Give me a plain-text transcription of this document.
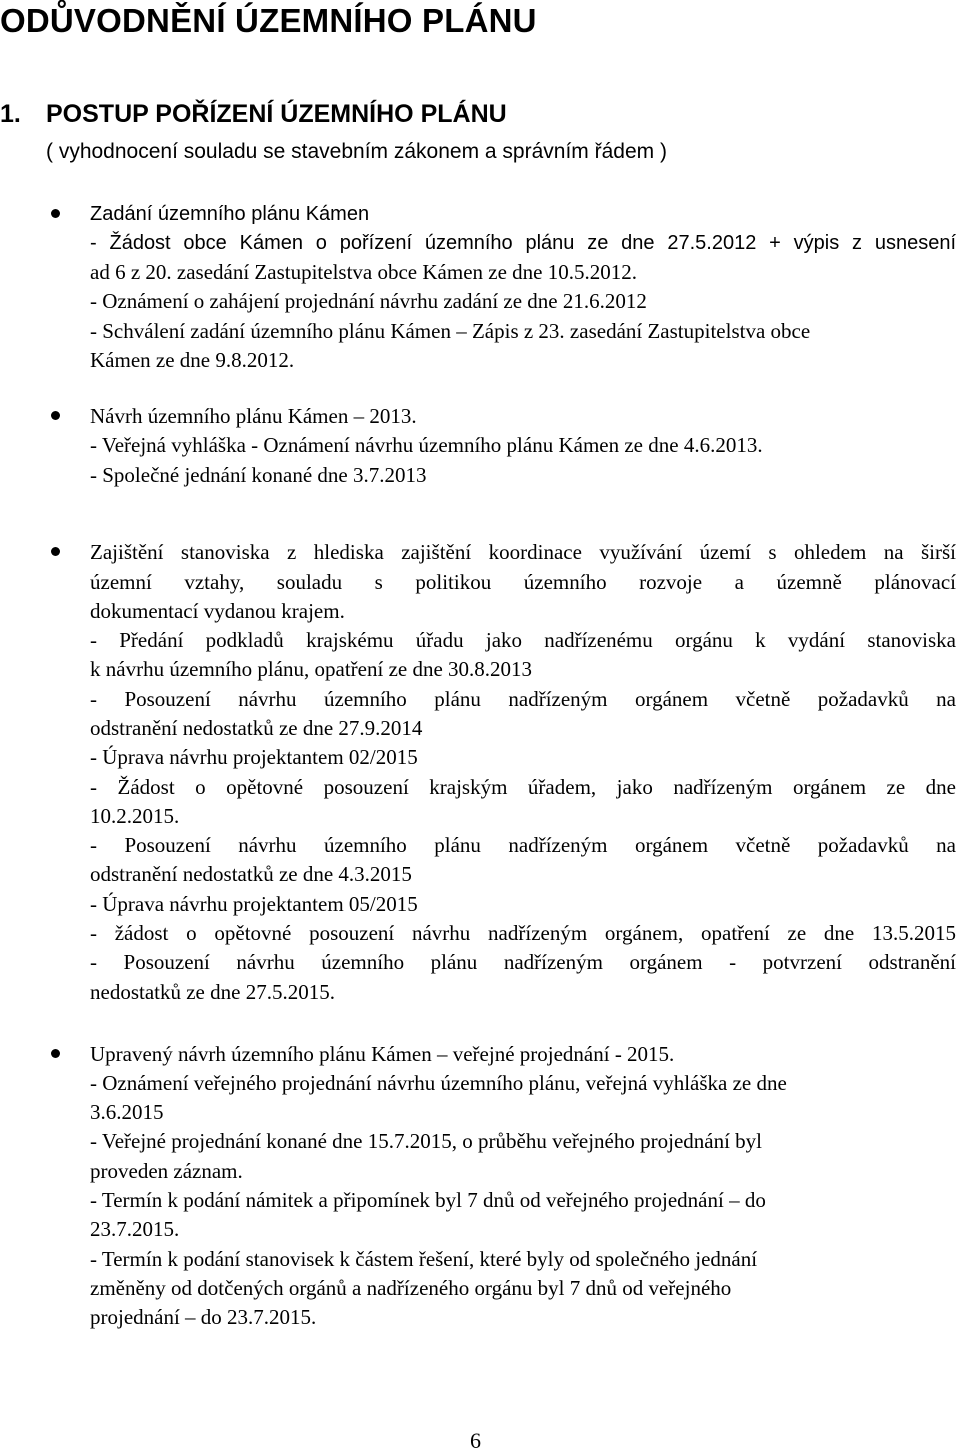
ODŮVODNĚNÍ ÚZEMNÍHO PLÁNU
1. POSTUP POŘÍZENÍ ÚZEMNÍHO PLÁNU

( vyhodnocení souladu se stavebním zákonem a správním řádem )

Zadání územního plánu Kámen
- Žádost obce Kámen o pořízení územního plánu ze dne 27.5.2012 + výpis z usnesení
ad 6 z 20. zasedání Zastupitelstva obce Kámen ze dne 10.5.2012.
- Oznámení o zahájení projednání návrhu zadání ze dne 21.6.2012
- Schválení zadání územního plánu Kámen – Zápis z 23. zasedání Zastupitelstva obce
Kámen ze dne 9.8.2012.
Návrh územního plánu Kámen – 2013.
- Veřejná vyhláška - Oznámení návrhu územního plánu Kámen ze dne 4.6.2013.
- Společné jednání konané dne 3.7.2013
Zajištění stanoviska z hlediska zajištění koordinace využívání území s ohledem na širší
územní vztahy, souladu s politikou územního rozvoje a územně plánovací
dokumentací vydanou krajem.
- Předání podkladů krajskému úřadu jako nadřízenému orgánu k vydání stanoviska
k návrhu územního plánu, opatření ze dne 30.8.2013
- Posouzení návrhu územního plánu nadřízeným orgánem včetně požadavků na
odstranění nedostatků ze dne 27.9.2014
- Úprava návrhu projektantem 02/2015
- Žádost o opětovné posouzení krajským úřadem, jako nadřízeným orgánem ze dne
10.2.2015.
- Posouzení návrhu územního plánu nadřízeným orgánem včetně požadavků na
odstranění nedostatků ze dne 4.3.2015
- Úprava návrhu projektantem 05/2015
- žádost o opětovné posouzení návrhu nadřízeným orgánem, opatření ze dne 13.5.2015
- Posouzení návrhu územního plánu nadřízeným orgánem - potvrzení odstranění
nedostatků ze dne 27.5.2015.
Upravený návrh územního plánu Kámen – veřejné projednání - 2015.
- Oznámení veřejného projednání návrhu územního plánu, veřejná vyhláška ze dne
3.6.2015
- Veřejné projednání konané dne 15.7.2015, o průběhu veřejného projednání byl
proveden záznam.
- Termín k podání námitek a připomínek byl 7 dnů od veřejného projednání – do
23.7.2015.
- Termín k podání stanovisek k částem řešení, které byly od společného jednání
změněny od dotčených orgánů a nadřízeného orgánu byl 7 dnů od veřejného
projednání – do 23.7.2015.
6
